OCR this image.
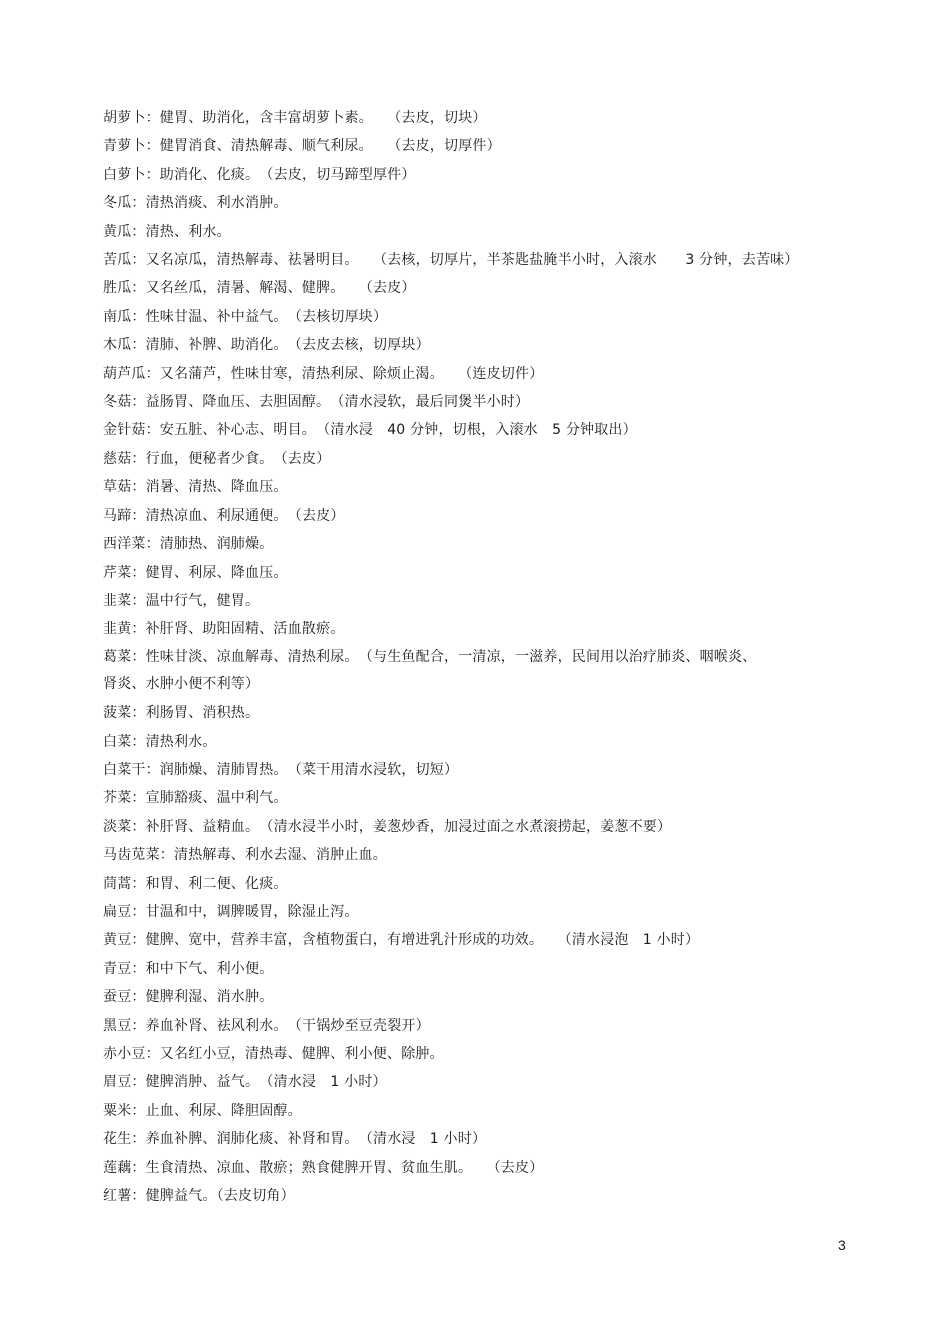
胡萝卜：健胃、助消化，含丰富胡萝卜素。　　（去皮，切块）
青萝卜：健胃消食、清热解毒、顺气利尿。　　（去皮，切厚件）
白萝卜：助消化、化痰。　（去皮，切马蹄型厚件）
冬瓜：清热消痰、利水消肿。
黄瓜：清热、利水。
苦瓜：又名凉瓜，清热解毒、祛暑明目。　　（去核，切厚片，半茶匙盐腌半小时，入滚水　　3 分钟，去苦味）
胜瓜：又名丝瓜，清暑、解渴、健脾。　　（去皮）
南瓜：性味甘温、补中益气。　（去核切厚块）
木瓜：清肺、补脾、助消化。　（去皮去核，切厚块）
葫芦瓜：又名蒲芦，性味甘寒，清热利尿、除烦止渴。　　（连皮切件）
冬菇：益肠胃、降血压、去胆固醇。　（清水浸软，最后同煲半小时）
金针菇：安五脏、补心志、明目。　（清水浸　40 分钟，切根，入滚水　5 分钟取出）
慈菇：行血，便秘者少食。　（去皮）
草菇：消暑、清热、降血压。
马蹄：清热凉血、利尿通便。　（去皮）
西洋菜：清肺热、润肺燥。
芹菜：健胃、利尿、降血压。
韭菜：温中行气，健胃。
韭黄：补肝肾、助阳固精、活血散瘀。
葛菜：性味甘淡、凉血解毒、清热利尿。　（与生鱼配合，一清凉，一滋养，民间用以治疗肺炎、咽喉炎、
肾炎、水肿小便不利等）
菠菜：利肠胃、消积热。
白菜：清热利水。
白菜干：润肺燥、清肺胃热。　（菜干用清水浸软，切短）
芥菜：宣肺豁痰、温中利气。
淡菜：补肝肾、益精血。　（清水浸半小时，姜葱炒香，加浸过面之水煮滚捞起，姜葱不要）
马齿苋菜：清热解毒、利水去湿、消肿止血。
茼蒿：和胃、利二便、化痰。
扁豆：甘温和中，调脾暖胃，除湿止泻。
黄豆：健脾、宽中，营养丰富，含植物蛋白，有增进乳汁形成的功效。　　（清水浸泡　1 小时）
青豆：和中下气、利小便。
蚕豆：健脾利湿、消水肿。
黑豆：养血补肾、祛风利水。　（干锅炒至豆壳裂开）
赤小豆：又名红小豆，清热毒、健脾、利小便、除肿。
眉豆：健脾消肿、益气。　（清水浸　1 小时）
粟米：止血、利尿、降胆固醇。
花生：养血补脾、润肺化痰、补肾和胃。　（清水浸　1 小时）
莲藕：生食清热、凉血、散瘀；熟食健脾开胃、贫血生肌。　　（去皮）
红薯：健脾益气。（去皮切角）
3
